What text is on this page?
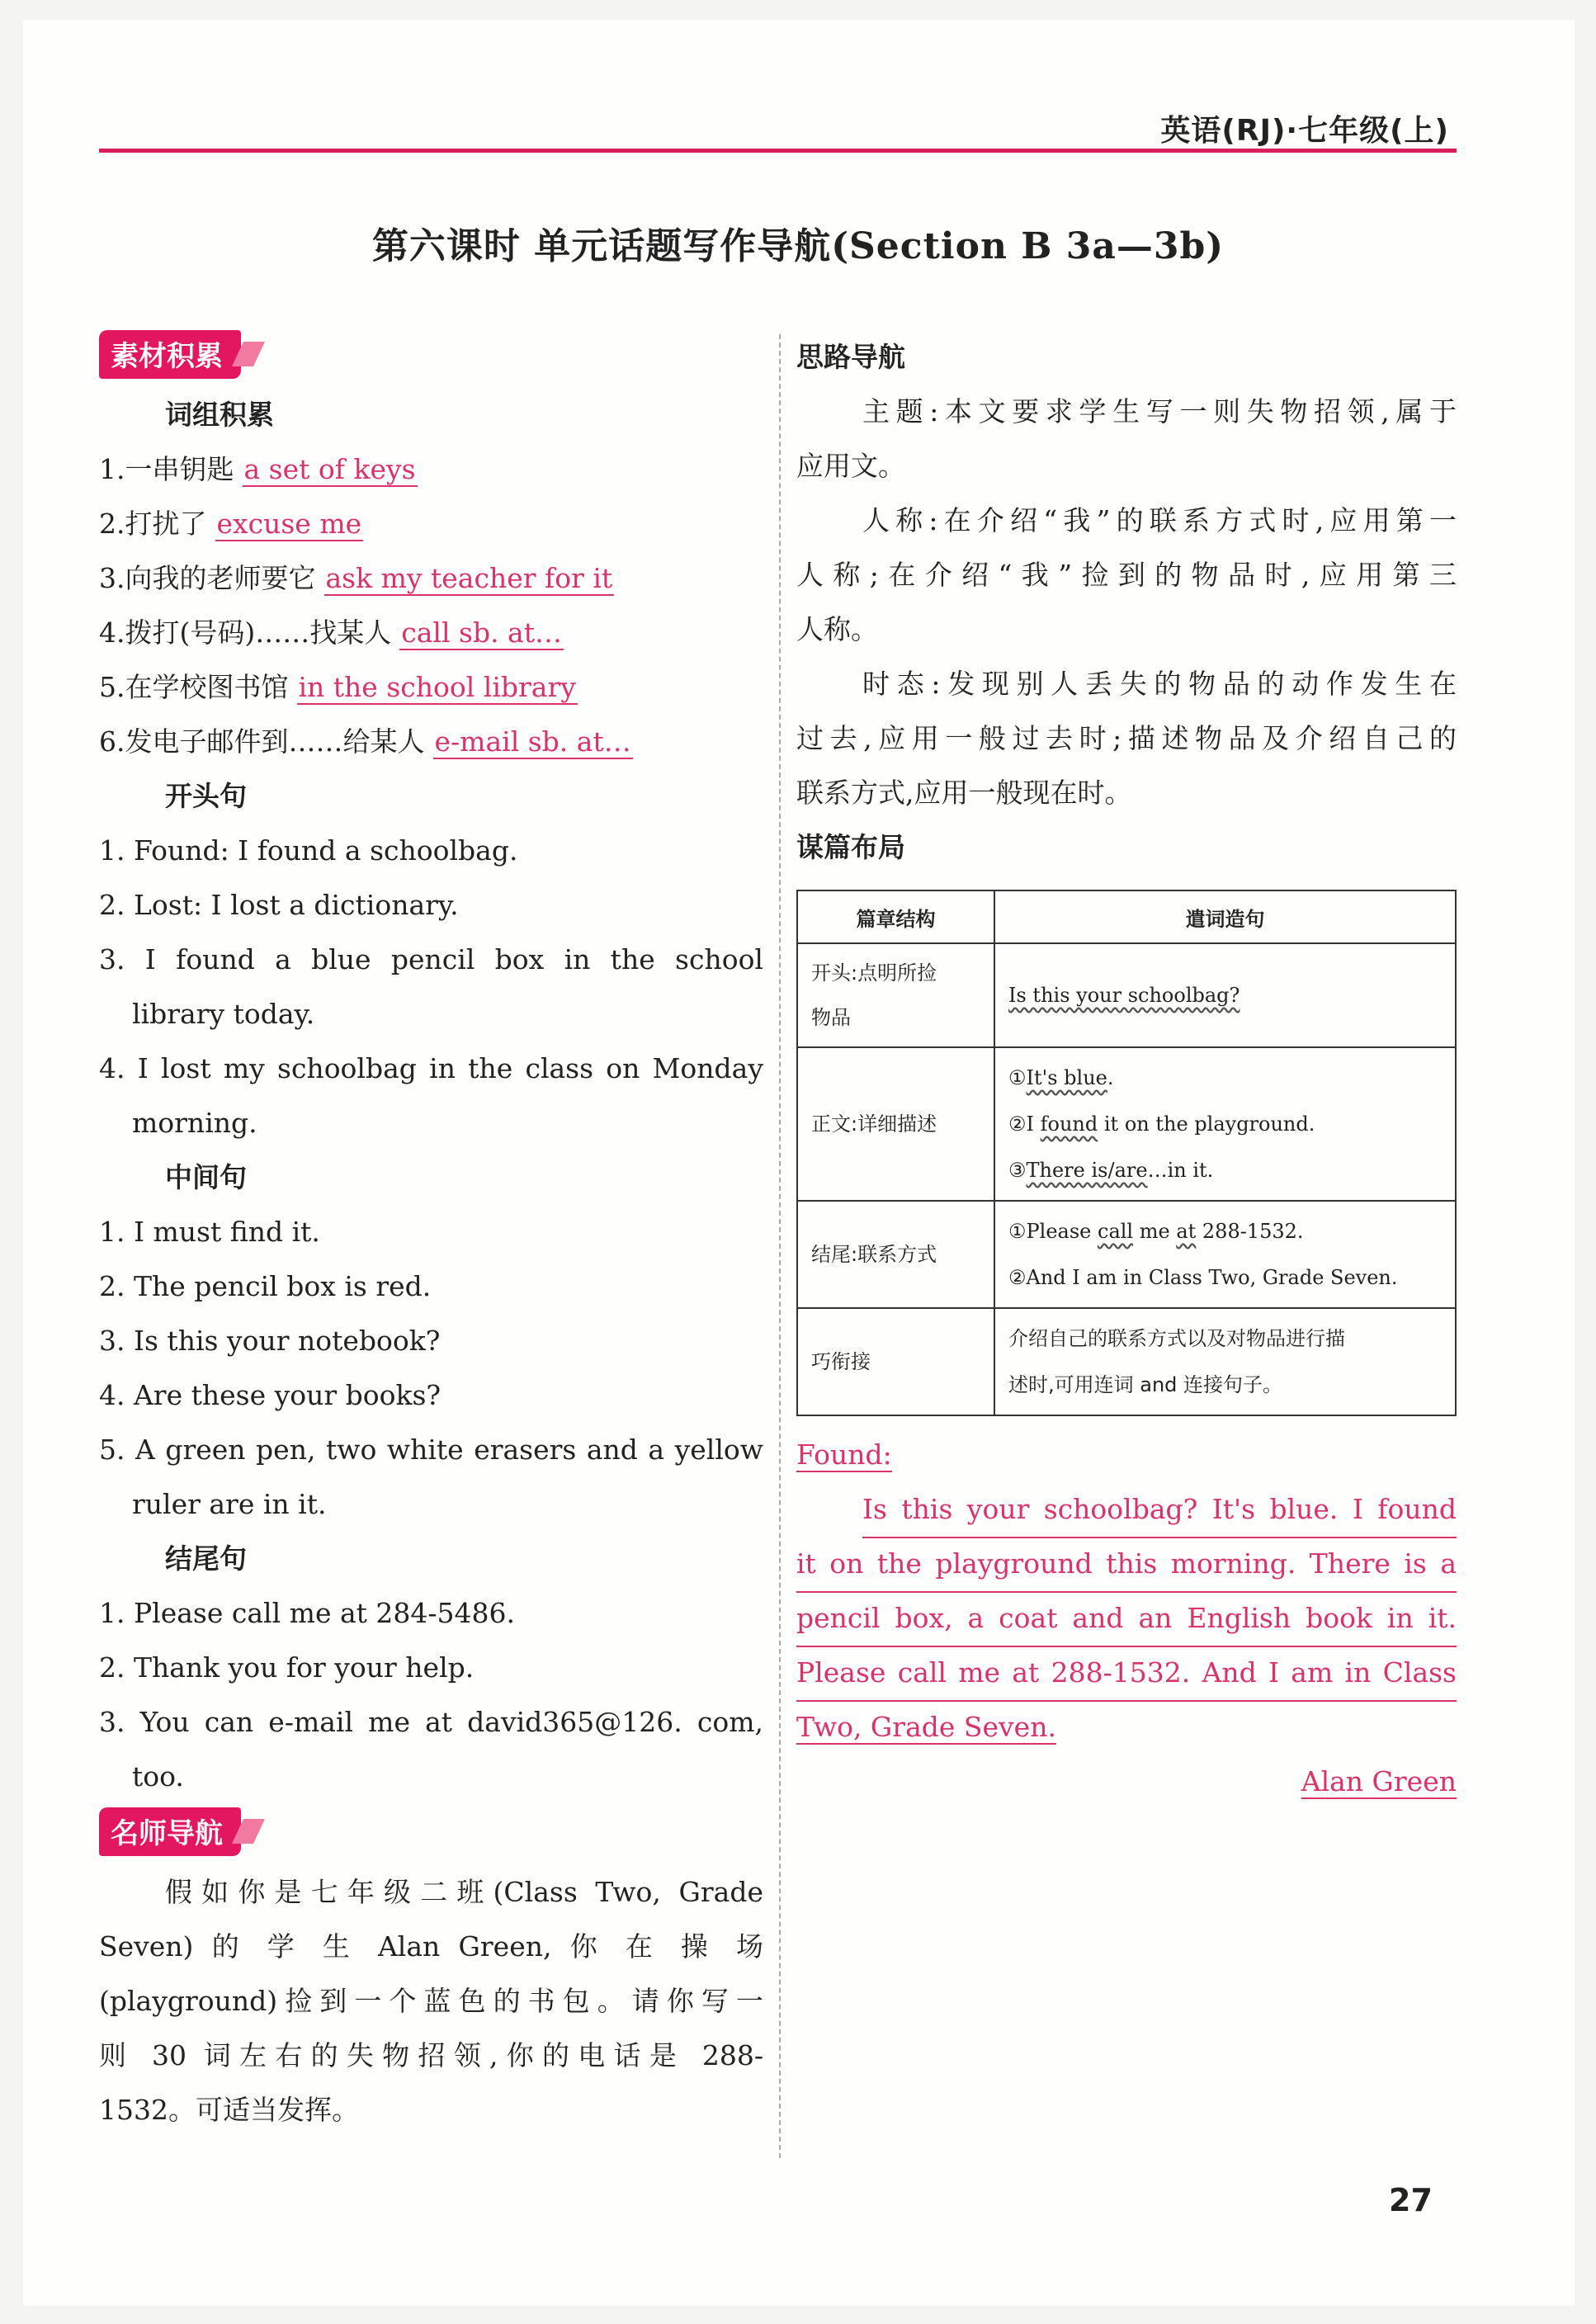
英语(RJ)·七年级(上)
第六课时 单元话题写作导航(Section B 3a—3b)
素材积累
词组积累
1.一串钥匙 a set of keys
2.打扰了 excuse me
3.向我的老师要它 ask my teacher for it
4.拨打(号码)……找某人 call sb. at…
5.在学校图书馆 in the school library
6.发电子邮件到……给某人 e-mail sb. at…
开头句
1. Found: I found a schoolbag.
2. Lost: I lost a dictionary.
3. I found a blue pencil box in the school
library today.
4. I lost my schoolbag in the class on Monday
morning.
中间句
1. I must find it.
2. The pencil box is red.
3. Is this your notebook?
4. Are these your books?
5. A green pen, two white erasers and a yellow
ruler are in it.
结尾句
1. Please call me at 284-5486.
2. Thank you for your help.
3. You can e-mail me at david365@126. com,
too.
名师导航
假如你是七年级二班(Class Two, Grade
Seven) 的 学 生 Alan Green, 你 在 操 场
(playground)捡到一个蓝色的书包。请你写一
则 30 词左右的失物招领,你的电话是 288-
1532。可适当发挥。
思路导航
主题:本文要求学生写一则失物招领,属于
应用文。
人称:在介绍“我”的联系方式时,应用第一
人称;在介绍“我”捡到的物品时,应用第三
人称。
时态:发现别人丢失的物品的动作发生在
过去,应用一般过去时;描述物品及介绍自己的
联系方式,应用一般现在时。
谋篇布局
篇章结构	遣词造句

开头:点明所捡
物品	Is this your schoolbag?
正文:详细描述	①It's blue.
②I found it on the playground.
③There is/are…in it.

结尾:联系方式	①Please call me at 288-1532.
②And I am in Class Two, Grade Seven.

巧衔接	介绍自己的联系方式以及对物品进行描
述时,可用连词 and 连接句子。
Found:
Is this your schoolbag? It's blue. I found
it on the playground this morning. There is a
pencil box, a coat and an English book in it.
Please call me at 288-1532. And I am in Class
Two, Grade Seven.
Alan Green
27
